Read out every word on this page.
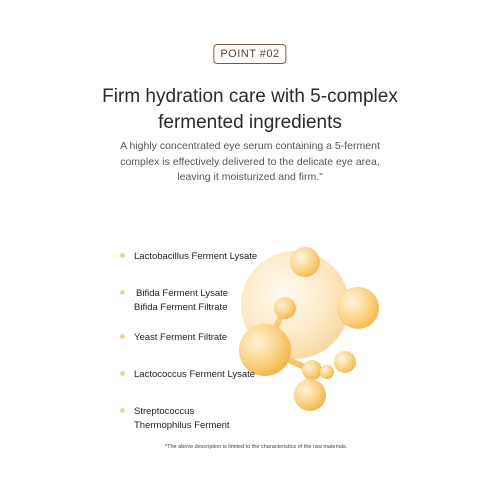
POINT #02
Firm hydration care with 5-complex
fermented ingredients
A highly concentrated eye serum containing a 5-ferment
complex is effectively delivered to the delicate eye area,
leaving it moisturized and firm.”
Lactobacillus Ferment Lysate
Bifida Ferment Lysate
Bifida Ferment Filtrate
Yeast Ferment Filtrate
Lactococcus Ferment Lysate
Streptococcus
Thermophilus Ferment
*The above description is limited to the characteristics of the raw materials.
